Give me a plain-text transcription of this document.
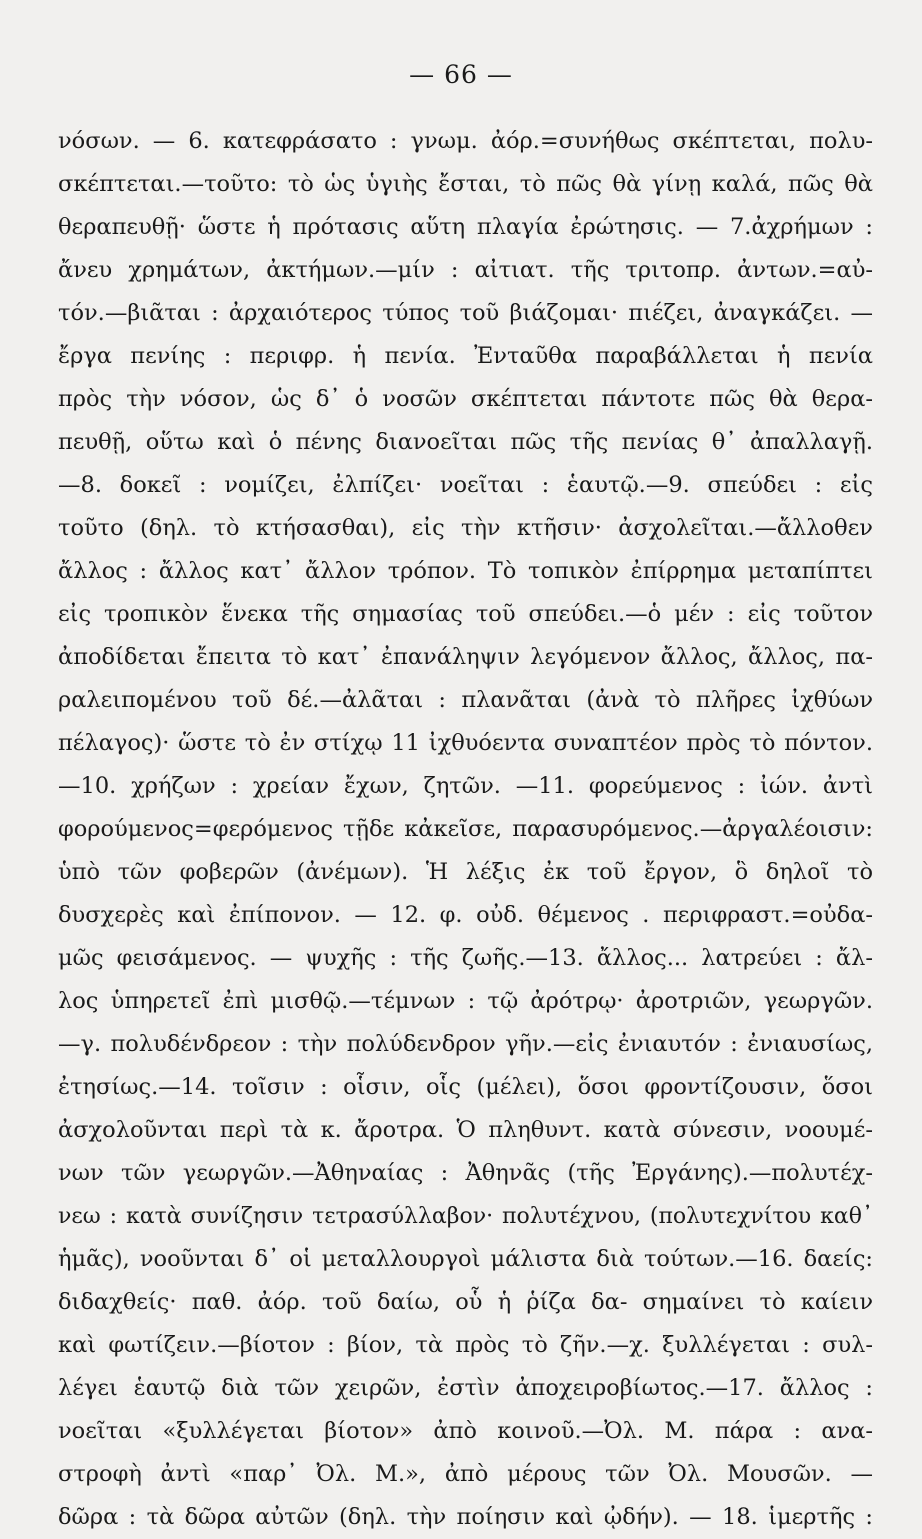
— 66 —
νόσων. — 6. κατεφράσατο : γνωμ. ἀόρ.=συνήθως σκέπτεται, πολυ-
σκέπτεται.—τοῦτο: τὸ ὡς ὑγιὴς ἔσται, τὸ πῶς θὰ γίνῃ καλά, πῶς θὰ
θεραπευθῇ· ὥστε ἡ πρότασις αὕτη πλαγία ἐρώτησις. — 7.ἀχρήμων :
ἄνευ χρημάτων, ἀκτήμων.—μίν : αἰτιατ. τῆς τριτοπρ. ἀντων.=αὐ-
τόν.—βιᾶται : ἀρχαιότερος τύπος τοῦ βιάζομαι· πιέζει, ἀναγκάζει. —
ἔργα πενίης : περιφρ. ἡ πενία. Ἐνταῦθα παραβάλλεται ἡ πενία
πρὸς τὴν νόσον, ὡς δ᾽ ὁ νοσῶν σκέπτεται πάντοτε πῶς θὰ θερα-
πευθῇ, οὕτω καὶ ὁ πένης διανοεῖται πῶς τῆς πενίας θ᾽ ἀπαλλαγῇ.
—8. δοκεῖ : νομίζει, ἐλπίζει· νοεῖται : ἑαυτῷ.—9. σπεύδει : εἰς
τοῦτο (δηλ. τὸ κτήσασθαι), εἰς τὴν κτῆσιν· ἀσχολεῖται.—ἄλλοθεν
ἄλλος : ἄλλος κατ᾽ ἄλλον τρόπον. Τὸ τοπικὸν ἐπίρρημα μεταπίπτει
εἰς τροπικὸν ἕνεκα τῆς σημασίας τοῦ σπεύδει.—ὁ μέν : εἰς τοῦτον
ἀποδίδεται ἔπειτα τὸ κατ᾽ ἐπανάληψιν λεγόμενον ἄλλος, ἄλλος, πα-
ραλειπομένου τοῦ δέ.—ἀλᾶται : πλανᾶται (ἀνὰ τὸ πλῆρες ἰχθύων
πέλαγος)· ὥστε τὸ ἐν στίχῳ 11 ἰχθυόεντα συναπτέον πρὸς τὸ πόντον.
—10. χρήζων : χρείαν ἔχων, ζητῶν. —11. φορεύμενος : ἰών. ἀντὶ
φορούμενος=φερόμενος τῇδε κἀκεῖσε, παρασυρόμενος.—ἀργαλέοισιν:
ὑπὸ τῶν φοβερῶν (ἀνέμων). Ἡ λέξις ἐκ τοῦ ἔργον, ὃ δηλοῖ τὸ
δυσχερὲς καὶ ἐπίπονον. — 12. φ. οὐδ. θέμενος . περιφραστ.=οὐδα-
μῶς φεισάμενος. — ψυχῆς : τῆς ζωῆς.—13. ἄλλος... λατρεύει : ἄλ-
λος ὑπηρετεῖ ἐπὶ μισθῷ.—τέμνων : τῷ ἀρότρῳ· ἀροτριῶν, γεωργῶν.
—γ. πολυδένδρεον : τὴν πολύδενδρον γῆν.—εἰς ἐνιαυτόν : ἐνιαυσίως,
ἐτησίως.—14. τοῖσιν : οἷσιν, οἷς (μέλει), ὅσοι φροντίζουσιν, ὅσοι
ἀσχολοῦνται περὶ τὰ κ. ἄροτρα. Ὁ πληθυντ. κατὰ σύνεσιν, νοουμέ-
νων τῶν γεωργῶν.—Ἀθηναίας : Ἀθηνᾶς (τῆς Ἐργάνης).—πολυτέχ-
νεω : κατὰ συνίζησιν τετρασύλλαβον· πολυτέχνου, (πολυτεχνίτου καθ᾽
ἡμᾶς), νοοῦνται δ᾽ οἱ μεταλλουργοὶ μάλιστα διὰ τούτων.—16. δαείς:
διδαχθείς· παθ. ἀόρ. τοῦ δαίω, οὗ ἡ ῥίζα δα- σημαίνει τὸ καίειν
καὶ φωτίζειν.—βίοτον : βίον, τὰ πρὸς τὸ ζῆν.—χ. ξυλλέγεται : συλ-
λέγει ἑαυτῷ διὰ τῶν χειρῶν, ἐστὶν ἀποχειροβίωτος.—17. ἄλλος :
νοεῖται «ξυλλέγεται βίοτον» ἀπὸ κοινοῦ.—Ὀλ. Μ. πάρα : ανα-
στροφὴ ἀντὶ «παρ᾽ Ὀλ. Μ.», ἀπὸ μέρους τῶν Ὀλ. Μουσῶν. —
δῶρα : τὰ δῶρα αὐτῶν (δηλ. τὴν ποίησιν καὶ ᾠδήν). — 18. ἱμερτῆς :
